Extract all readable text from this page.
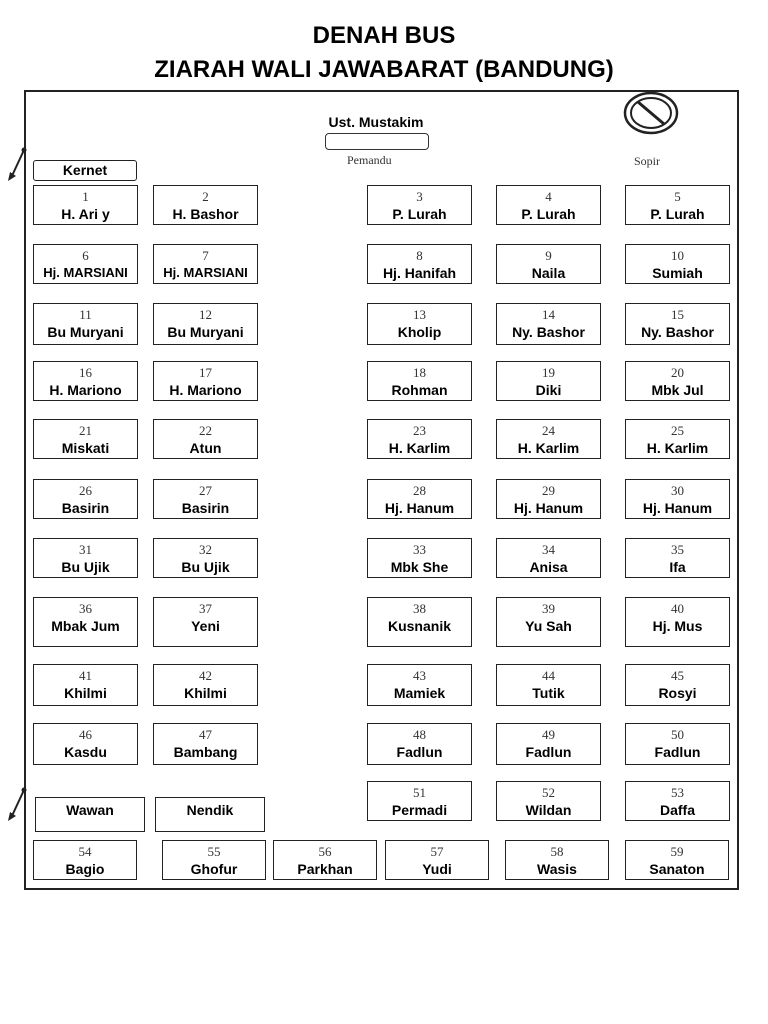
DENAH BUS
ZIARAH WALI JAWABARAT (BANDUNG)
Ust. Mustakim
Pemandu	Sopir
Kernet
1
H. Ari y
2
H. Bashor
3
P. Lurah
4
P. Lurah
5
P. Lurah
6
Hj. MARSIANI
7
Hj. MARSIANI
8
Hj. Hanifah
9
Naila
10
Sumiah
11
Bu Muryani
12
Bu Muryani
13
Kholip
14
Ny. Bashor
15
Ny. Bashor
16
H. Mariono
17
H. Mariono
18
Rohman
19
Diki
20
Mbk Jul
21
Miskati
22
Atun
23
H. Karlim
24
H. Karlim
25
H. Karlim
26
Basirin
27
Basirin
28
Hj. Hanum
29
Hj. Hanum
30
Hj. Hanum
31
Bu Ujik
32
Bu Ujik
33
Mbk She
34
Anisa
35
Ifa
36
Mbak Jum
37
Yeni
38
Kusnanik
39
Yu Sah
40
Hj. Mus
41
Khilmi
42
Khilmi
43
Mamiek
44
Tutik
45
Rosyi
46
Kasdu
47
Bambang
48
Fadlun
49
Fadlun
50
Fadlun
51
Permadi
52
Wildan
53
Daffa
54
Bagio
55
Ghofur
56
Parkhan
57
Yudi
58
Wasis
59
Sanaton
Wawan	Nendik
